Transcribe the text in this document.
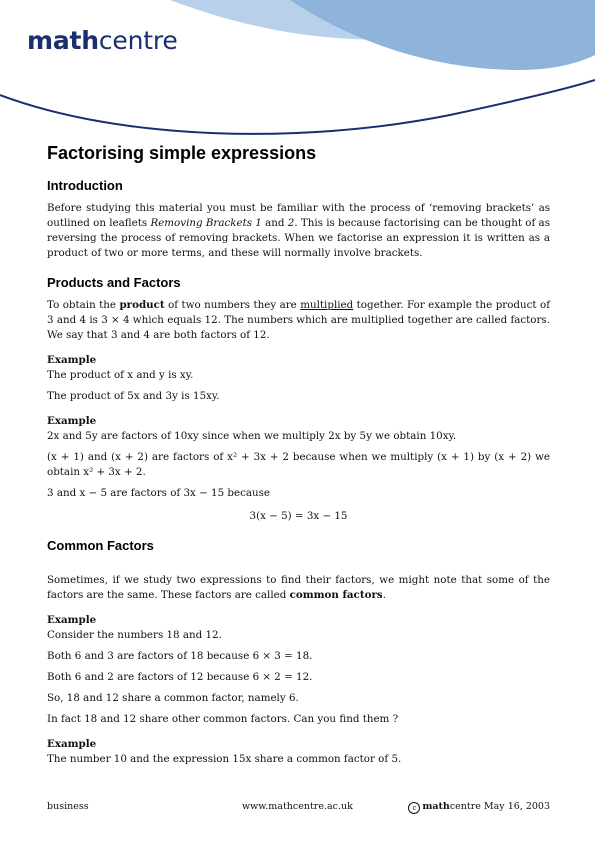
mathcentre
Factorising simple expressions
Introduction

Before studying this material you must be familiar with the process of ‘removing brackets’ as outlined on leaflets Removing Brackets 1 and 2. This is because factorising can be thought of as reversing the process of removing brackets. When we factorise an expression it is written as a product of two or more terms, and these will normally involve brackets.

Products and Factors

To obtain the product of two numbers they are multiplied together. For example the product of 3 and 4 is 3 × 4 which equals 12. The numbers which are multiplied together are called factors. We say that 3 and 4 are both factors of 12.

Example

The product of x and y is xy.

The product of 5x and 3y is 15xy.

Example

2x and 5y are factors of 10xy since when we multiply 2x by 5y we obtain 10xy.

(x + 1) and (x + 2) are factors of x² + 3x + 2 because when we multiply (x + 1) by (x + 2) we obtain x² + 3x + 2.

3 and x − 5 are factors of 3x − 15 because

3(x − 5) = 3x − 15

Common Factors

Sometimes, if we study two expressions to find their factors, we might note that some of the factors are the same. These factors are called common factors.

Example

Consider the numbers 18 and 12.

Both 6 and 3 are factors of 18 because 6 × 3 = 18.

Both 6 and 2 are factors of 12 because 6 × 2 = 12.

So, 18 and 12 share a common factor, namely 6.

In fact 18 and 12 share other common factors. Can you find them ?

Example

The number 10 and the expression 15x share a common factor of 5.

business	www.mathcentre.ac.uk	c mathcentre May 16, 2003
